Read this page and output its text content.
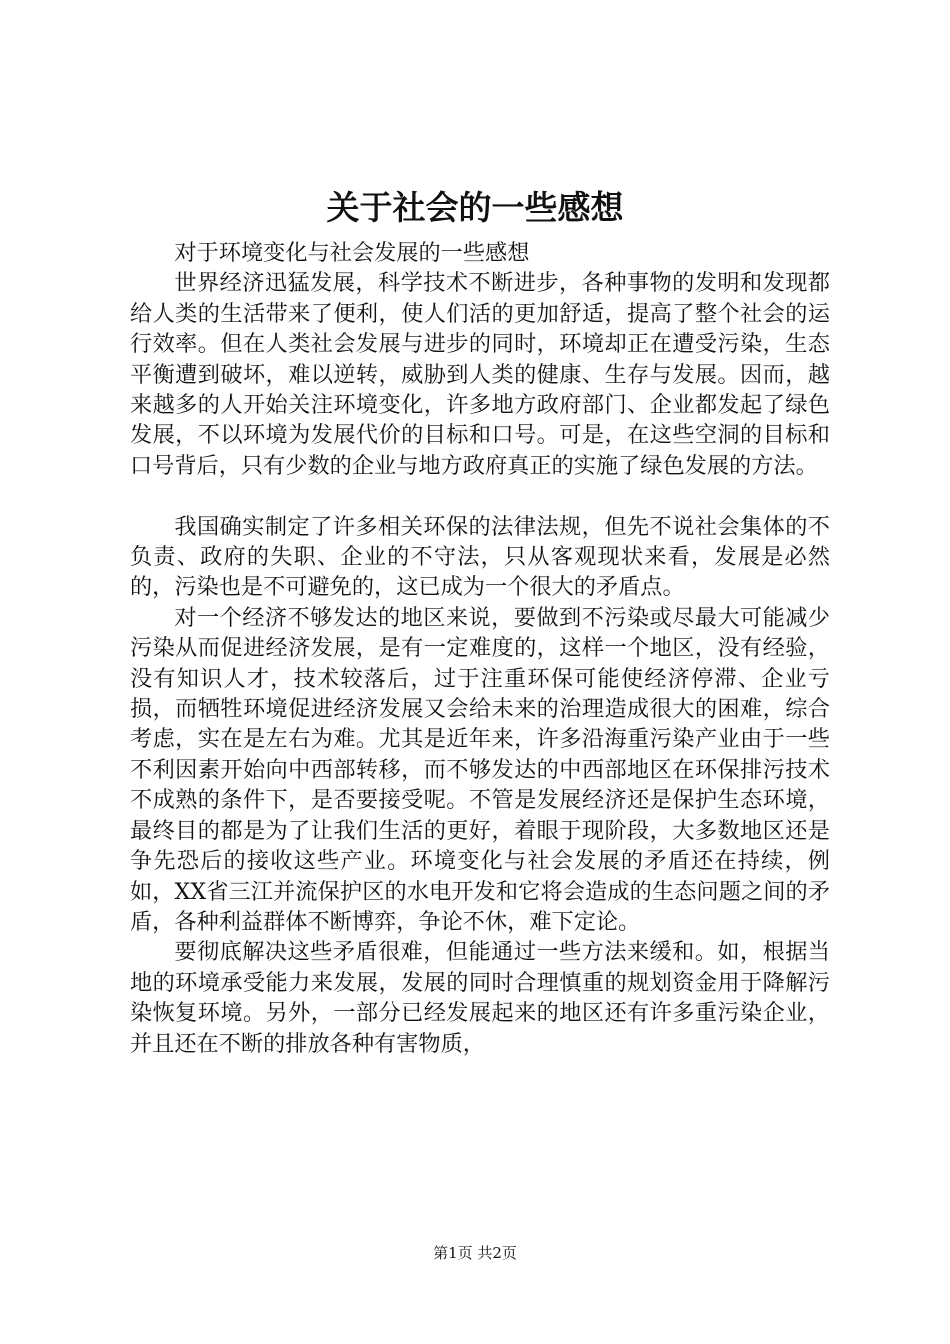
关于社会的一些感想

对于环境变化与社会发展的一些感想

世界经济迅猛发展，科学技术不断进步，各种事物的发明和发现都给人类的生活带来了便利，使人们活的更加舒适，提高了整个社会的运行效率。但在人类社会发展与进步的同时，环境却正在遭受污染，生态平衡遭到破坏，难以逆转，威胁到人类的健康、生存与发展。因而，越来越多的人开始关注环境变化，许多地方政府部门、企业都发起了绿色发展，不以环境为发展代价的目标和口号。可是，在这些空洞的目标和口号背后，只有少数的企业与地方政府真正的实施了绿色发展的方法。

我国确实制定了许多相关环保的法律法规，但先不说社会集体的不负责、政府的失职、企业的不守法，只从客观现状来看，发展是必然的，污染也是不可避免的，这已成为一个很大的矛盾点。

对一个经济不够发达的地区来说，要做到不污染或尽最大可能减少污染从而促进经济发展，是有一定难度的，这样一个地区，没有经验，没有知识人才，技术较落后，过于注重环保可能使经济停滞、企业亏损，而牺牲环境促进经济发展又会给未来的治理造成很大的困难，综合考虑，实在是左右为难。尤其是近年来，许多沿海重污染产业由于一些不利因素开始向中西部转移，而不够发达的中西部地区在环保排污技术不成熟的条件下，是否要接受呢。不管是发展经济还是保护生态环境，最终目的都是为了让我们生活的更好，着眼于现阶段，大多数地区还是争先恐后的接收这些产业。环境变化与社会发展的矛盾还在持续，例如，XX省三江并流保护区的水电开发和它将会造成的生态问题之间的矛盾，各种利益群体不断博弈，争论不休，难下定论。

要彻底解决这些矛盾很难，但能通过一些方法来缓和。如，根据当地的环境承受能力来发展，发展的同时合理慎重的规划资金用于降解污染恢复环境。另外，一部分已经发展起来的地区还有许多重污染企业，并且还在不断的排放各种有害物质，

第1页 共2页
